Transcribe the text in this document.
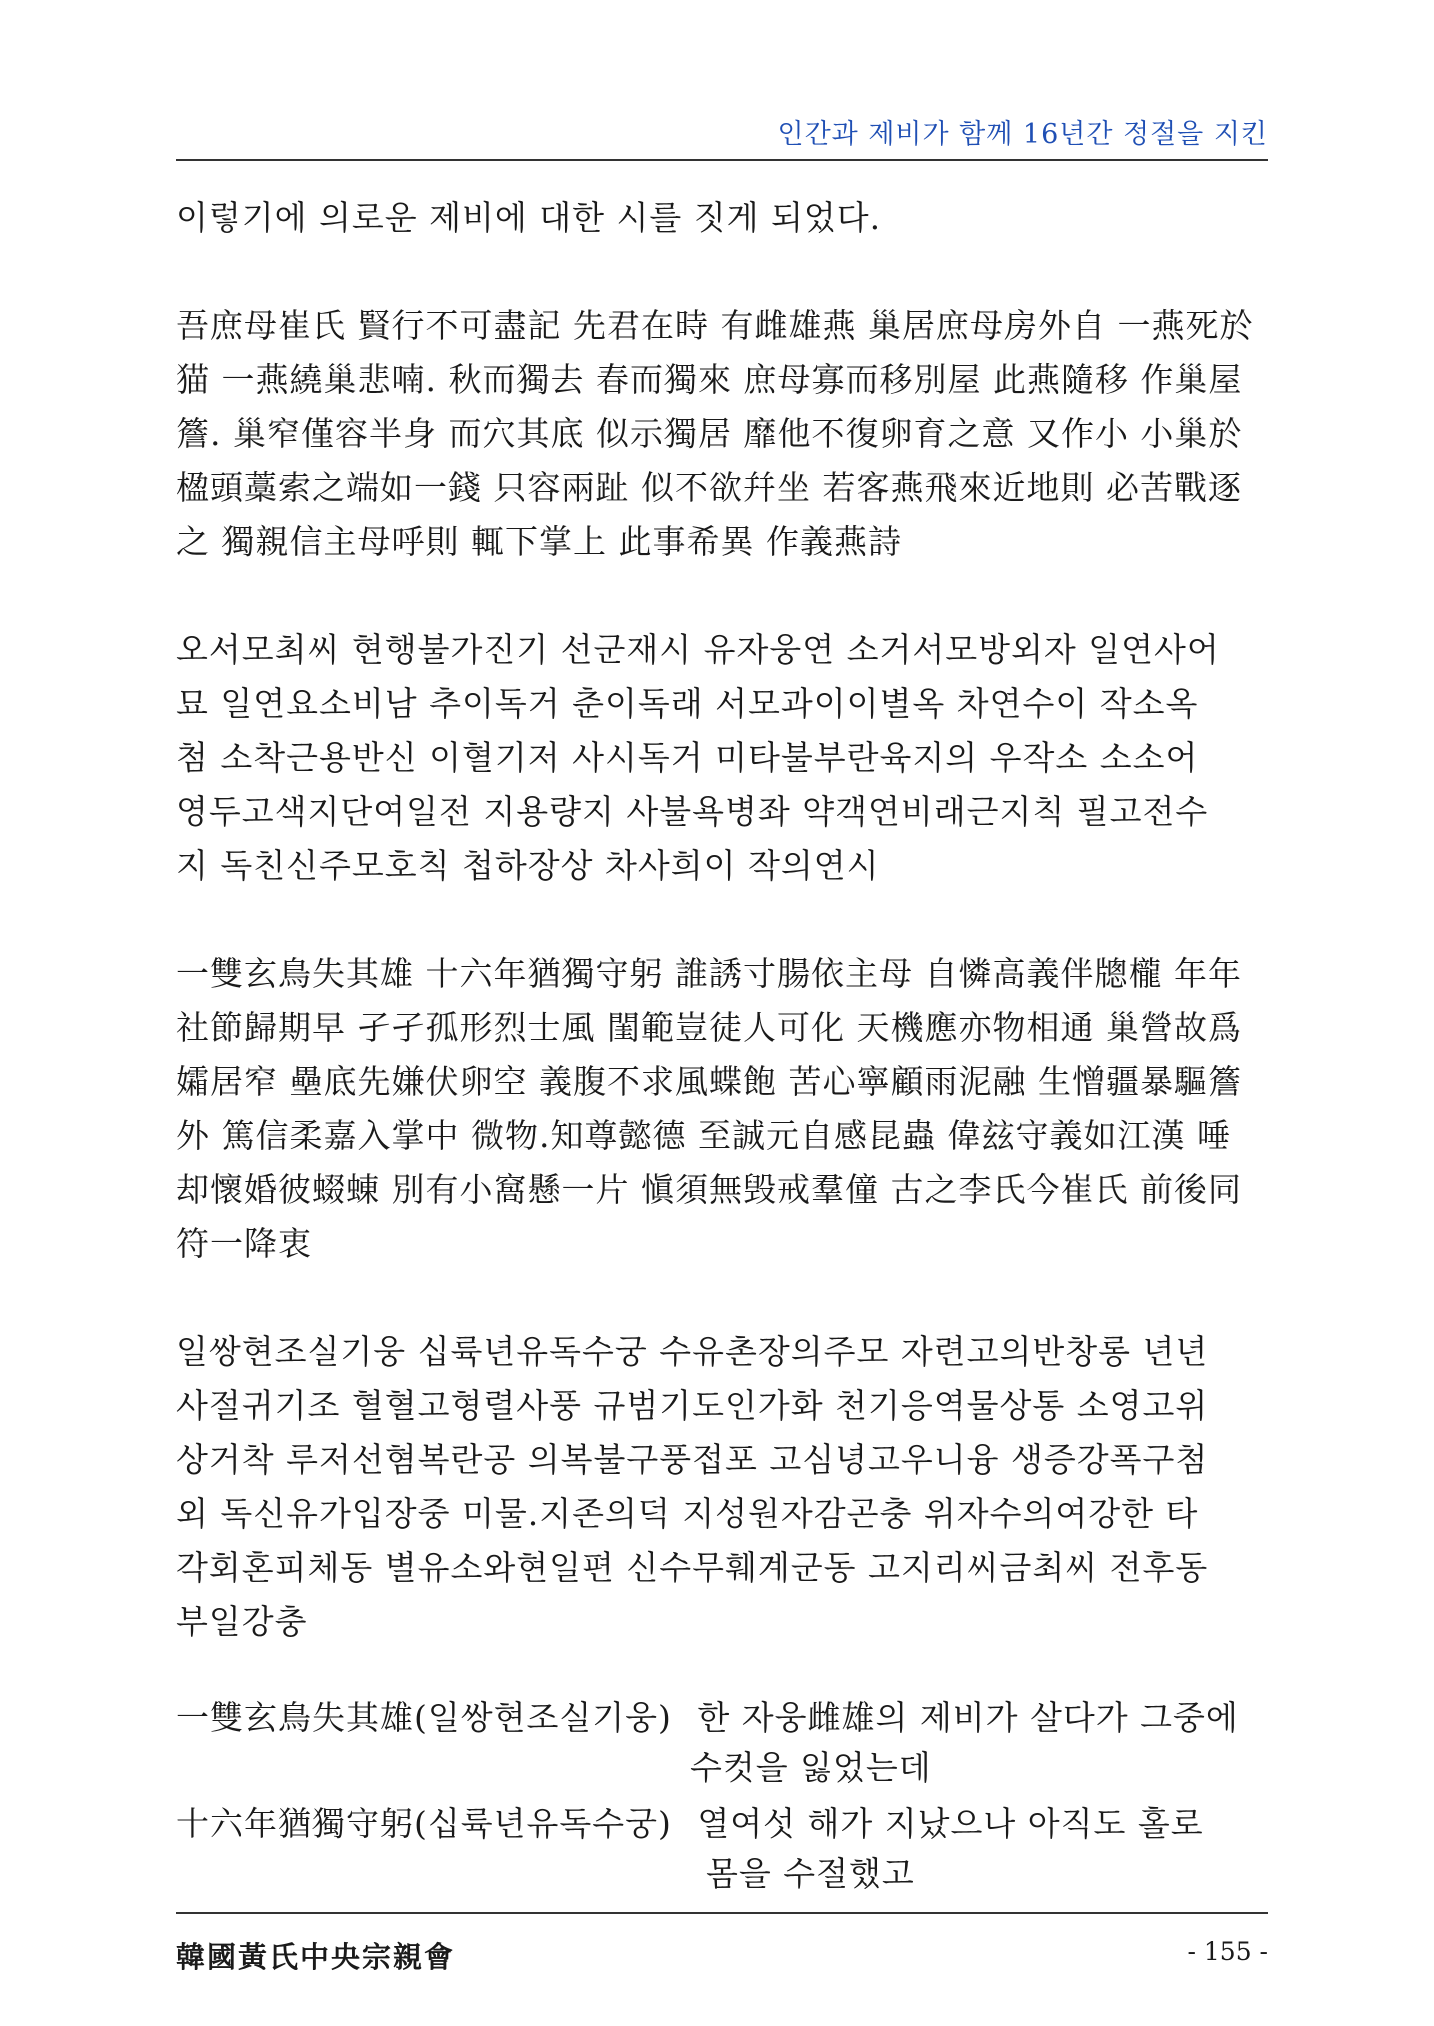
인간과 제비가 함께 16년간 정절을 지킨
이렇기에 의로운 제비에 대한 시를 짓게 되었다.
吾庶母崔氏 賢行不可盡記 先君在時 有雌雄燕 巢居庶母房外自 一燕死於
猫 一燕繞巢悲喃. 秋而獨去 春而獨來 庶母寡而移別屋 此燕隨移 作巢屋
簷. 巢窄僅容半身 而穴其底 似示獨居 靡他不復卵育之意 又作小 小巢於
楹頭藁索之端如一錢 只容兩趾 似不欲幷坐 若客燕飛來近地則 必苦戰逐
之 獨親信主母呼則 輒下掌上 此事希異 作義燕詩
오서모최씨 현행불가진기 선군재시 유자웅연 소거서모방외자 일연사어
묘 일연요소비남 추이독거 춘이독래 서모과이이별옥 차연수이 작소옥
첨 소착근용반신 이혈기저 사시독거 미타불부란육지의 우작소 소소어
영두고색지단여일전 지용량지 사불욕병좌 약객연비래근지칙 필고전수
지 독친신주모호칙 첩하장상 차사희이 작의연시
一雙玄鳥失其雄 十六年猶獨守躬 誰誘寸腸依主母 自憐高義伴牕櫳 年年
社節歸期早 孑孑孤形烈士風 閨範豈徒人可化 天機應亦物相通 巢營故爲
孀居窄 壘底先嫌伏卵空 義腹不求風蝶飽 苦心寧顧雨泥融 生憎疆暴驅簷
外 篤信柔嘉入掌中 微物.知尊懿德 至誠元自感昆蟲 偉玆守義如江漢 唾
却懷婚彼蝃蝀 別有小窩懸一片 愼須無毁戒羣僮 古之李氏今崔氏 前後同
符一降衷
일쌍현조실기웅 십륙년유독수궁 수유촌장의주모 자련고의반창롱 년년
사절귀기조 혈혈고형렬사풍 규범기도인가화 천기응역물상통 소영고위
상거착 루저선혐복란공 의복불구풍접포 고심녕고우니융 생증강폭구첨
외 독신유가입장중 미물.지존의덕 지성원자감곤충 위자수의여강한 타
각회혼피체동 별유소와현일편 신수무훼계군동 고지리씨금최씨 전후동
부일강충
一雙玄鳥失其雄(일쌍현조실기웅) 한 자웅雌雄의 제비가 살다가 그중에
수컷을 잃었는데
十六年猶獨守躬(십륙년유독수궁) 열여섯 해가 지났으나 아직도 홀로
몸을 수절했고
韓國黃氏中央宗親會	- 155 -
